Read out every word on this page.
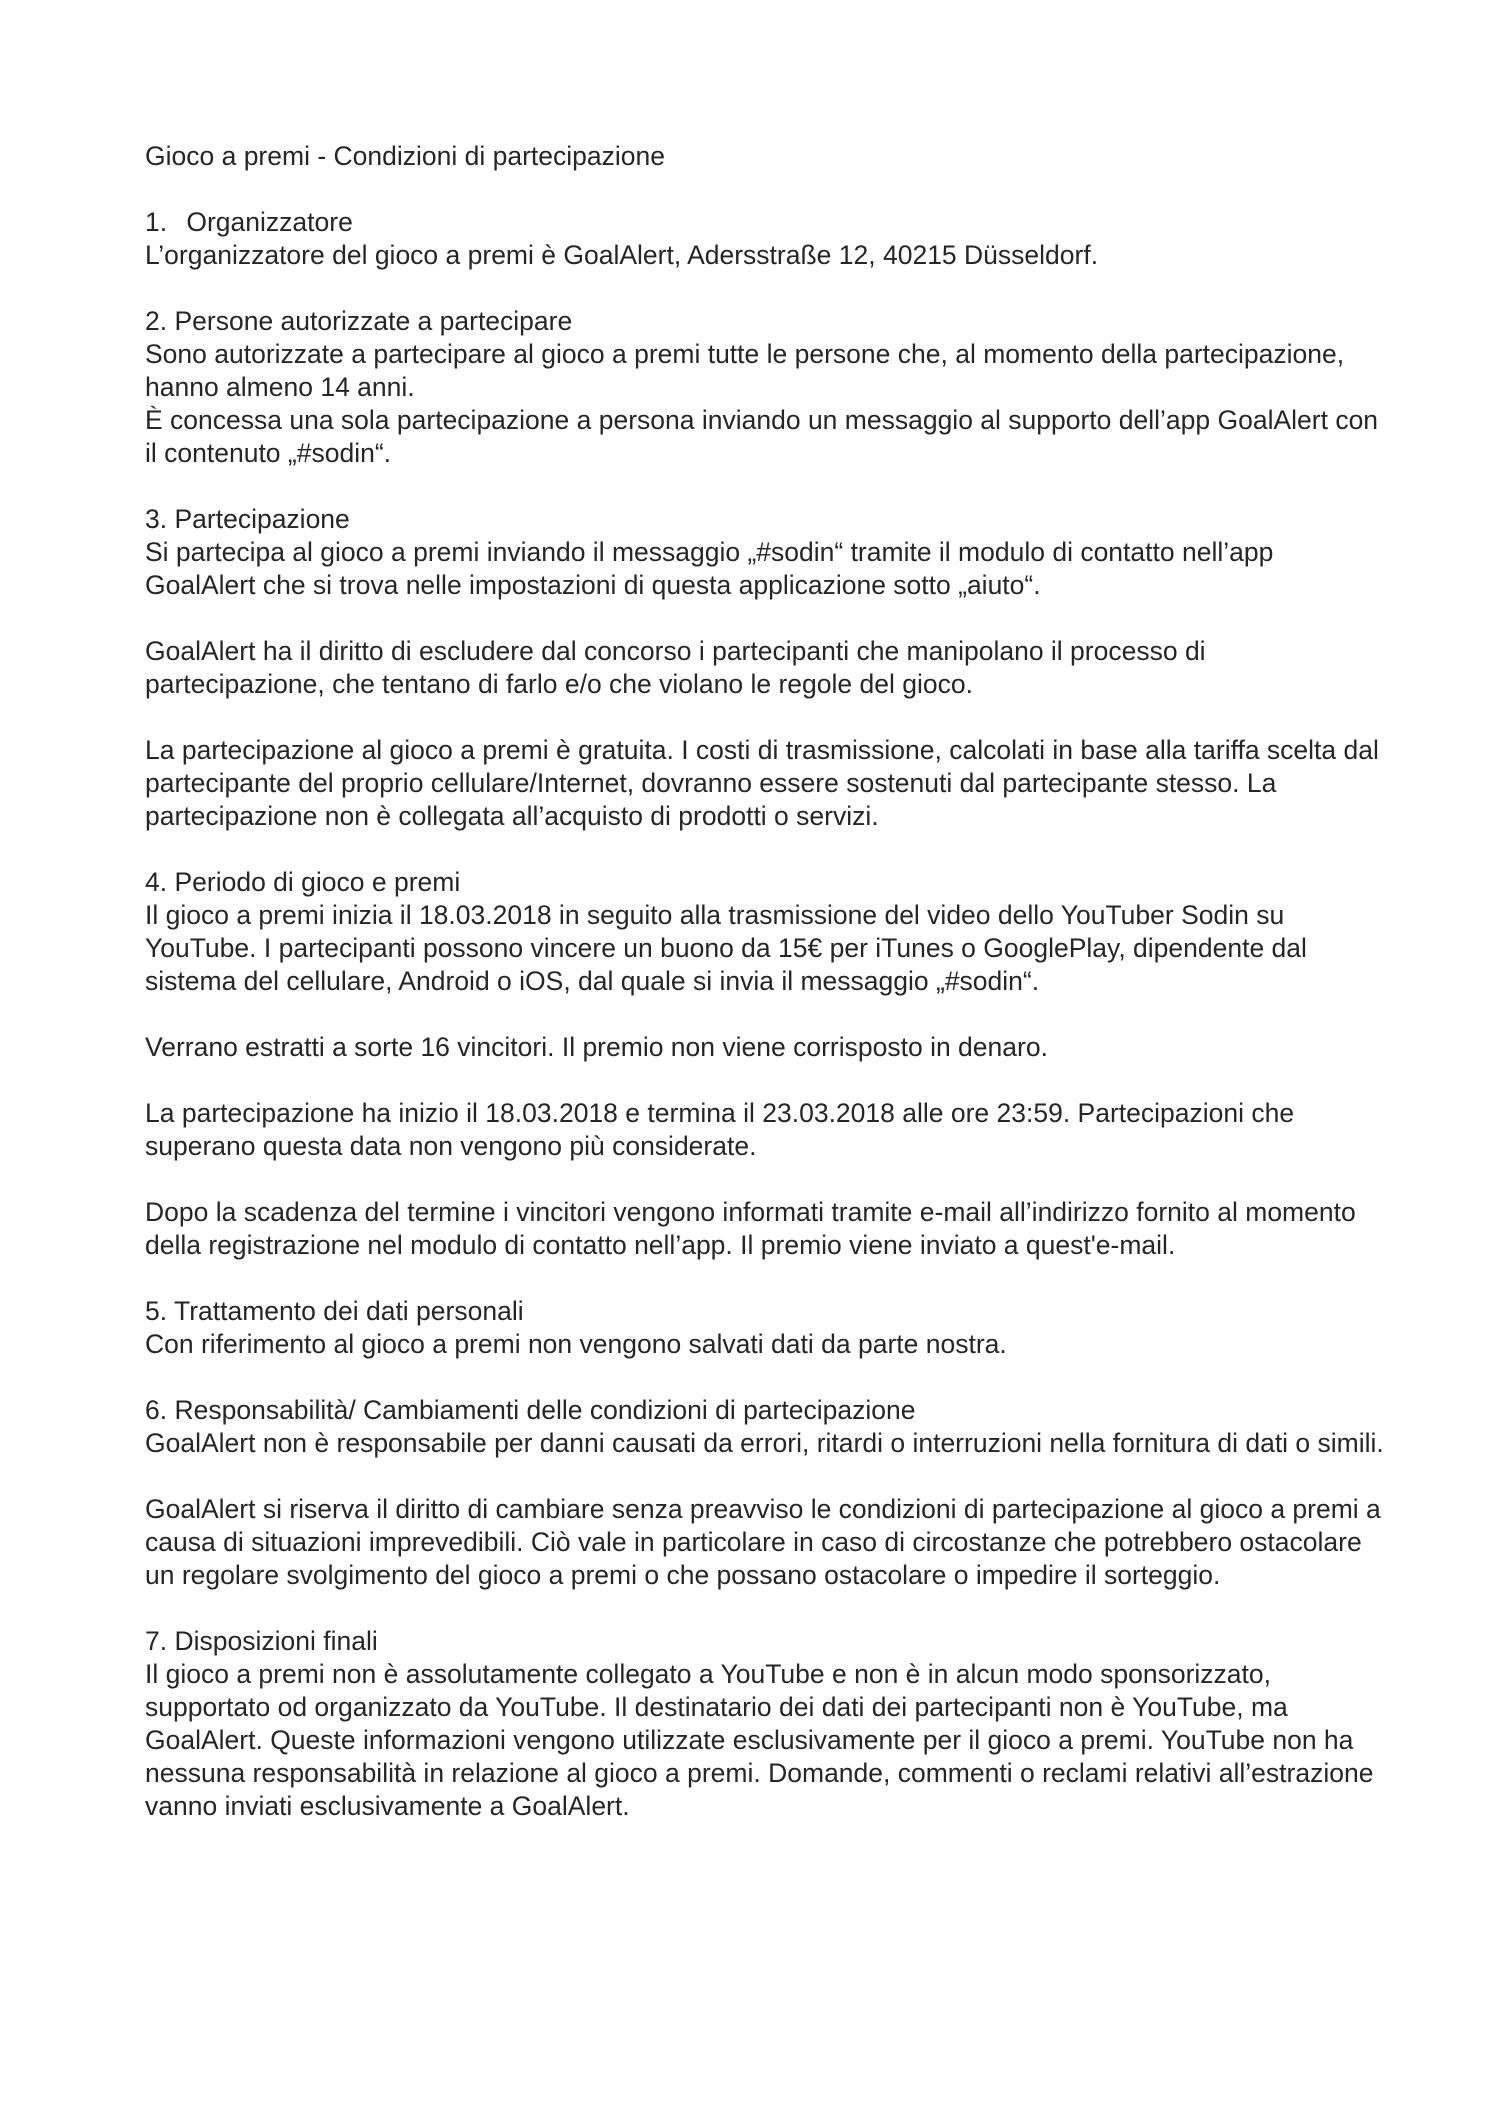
Gioco a premi - Condizioni di partecipazione
1. Organizzatore
L’organizzatore del gioco a premi è GoalAlert, Adersstraße 12, 40215 Düsseldorf.
2. Persone autorizzate a partecipare
Sono autorizzate a partecipare al gioco a premi tutte le persone che, al momento della partecipazione, hanno almeno 14 anni.
È concessa una sola partecipazione a persona inviando un messaggio al supporto dell’app GoalAlert con il contenuto „#sodin“.
3. Partecipazione
Si partecipa al gioco a premi inviando il messaggio „#sodin“ tramite il modulo di contatto nell’app GoalAlert che si trova nelle impostazioni di questa applicazione sotto „aiuto“.
GoalAlert ha il diritto di escludere dal concorso i partecipanti che manipolano il processo di partecipazione, che tentano di farlo e/o che violano le regole del gioco.
La partecipazione al gioco a premi è gratuita. I costi di trasmissione, calcolati in base alla tariffa scelta dal partecipante del proprio cellulare/Internet, dovranno essere sostenuti dal partecipante stesso. La partecipazione non è collegata all’acquisto di prodotti o servizi.
4. Periodo di gioco e premi
Il gioco a premi inizia il 18.03.2018 in seguito alla trasmissione del video dello YouTuber Sodin su YouTube. I partecipanti possono vincere un buono da 15€ per iTunes o GooglePlay, dipendente dal sistema del cellulare, Android o iOS, dal quale si invia il messaggio „#sodin“.
Verrano estratti a sorte 16 vincitori. Il premio non viene corrisposto in denaro.
La partecipazione ha inizio il 18.03.2018 e termina il 23.03.2018 alle ore 23:59. Partecipazioni che superano questa data non vengono più considerate.
Dopo la scadenza del termine i vincitori vengono informati tramite e-mail all’indirizzo fornito al momento della registrazione nel modulo di contatto nell’app. Il premio viene inviato a quest'e-mail.
5. Trattamento dei dati personali
Con riferimento al gioco a premi non vengono salvati dati da parte nostra.
6. Responsabilità/ Cambiamenti delle condizioni di partecipazione
GoalAlert non è responsabile per danni causati da errori, ritardi o interruzioni nella fornitura di dati o simili.
GoalAlert si riserva il diritto di cambiare senza preavviso le condizioni di partecipazione al gioco a premi a causa di situazioni imprevedibili. Ciò vale in particolare in caso di circostanze che potrebbero ostacolare un regolare svolgimento del gioco a premi o che possano ostacolare o impedire il sorteggio.
7. Disposizioni finali
Il gioco a premi non è assolutamente collegato a YouTube e non è in alcun modo sponsorizzato, supportato od organizzato da YouTube. Il destinatario dei dati dei partecipanti non è YouTube, ma GoalAlert. Queste informazioni vengono utilizzate esclusivamente per il gioco a premi. YouTube non ha nessuna responsabilità in relazione al gioco a premi. Domande, commenti o reclami relativi all’estrazione vanno inviati esclusivamente a GoalAlert.
